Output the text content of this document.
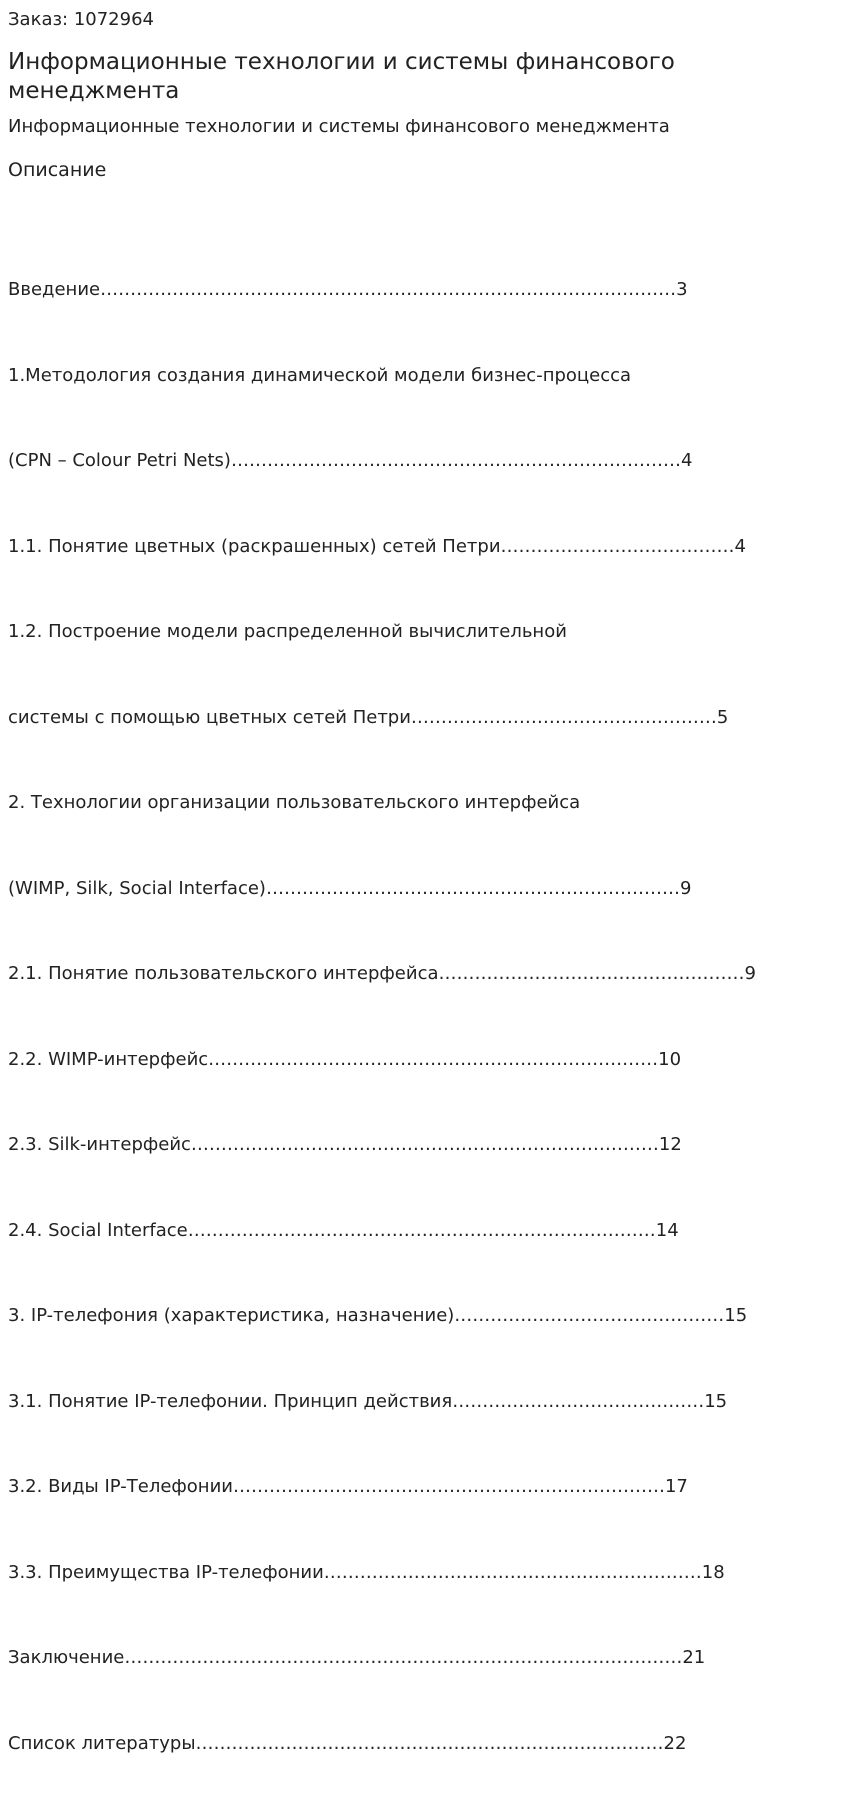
Заказ: 1072964
Информационные технологии и системы финансового менеджмента
Информационные технологии и системы финансового менеджмента
Описание

Введение……………………………………………………………………………………3

1.Методология создания динамической модели бизнес-процесса

(CPN – Colour Petri Nets)…………………………………………………………………4

1.1. Понятие цветных (раскрашенных) сетей Петри…………………………………4

1.2. Построение модели распределенной вычислительной

системы с помощью цветных сетей Петри……………………………………………5

2. Технологии организации пользовательского интерфейса

(WIMP, Silk, Social Interface)……………………………………………………………9

2.1. Понятие пользовательского интерфейса……………………………………………9

2.2. WIMP-интерфейс…………………………………………………………………10

2.3. Silk-интерфейс……………………………………………………………………12

2.4. Social Interface……………………………………………………………………14

3. IP-телефония (характеристика, назначение)………………………………………15

3.1. Понятие IP-телефонии. Принцип действия……………………………………15

3.2. Виды IP-Телефонии………………………………………………………………17

3.3. Преимущества IP-телефонии………………………………………………………18

Заключение…………………………………………………………………………………21

Список литературы……………………………………………………………………22
